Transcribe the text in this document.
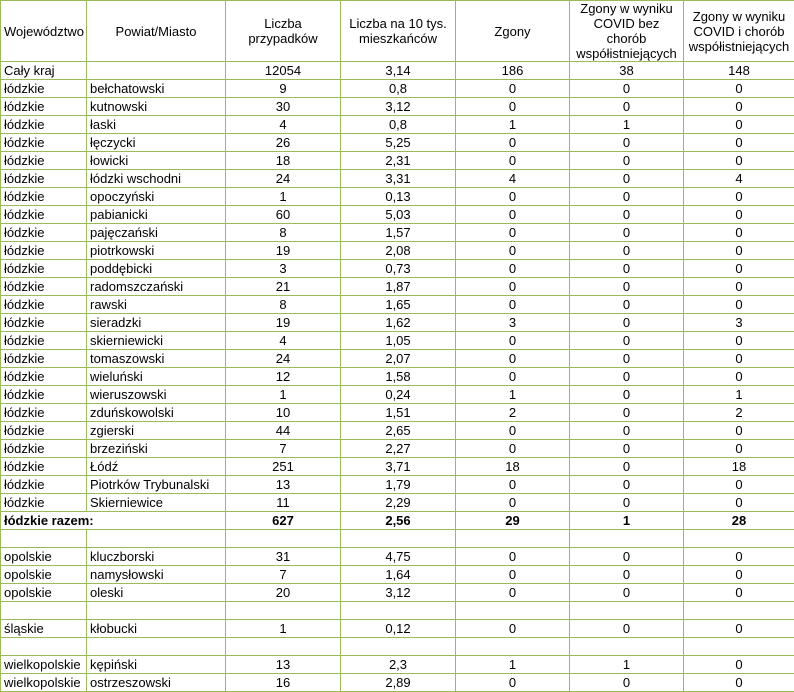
Województwo	Powiat/Miasto	Liczba przypadków	Liczba na 10 tys. mieszkańców	Zgony	Zgony w wyniku COVID bez chorób współistniejących	Zgony w wyniku COVID i chorób współistniejących
Cały kraj		12054	3,14	186	38	148
łódzkie	bełchatowski	9	0,8	0	0	0
łódzkie	kutnowski	30	3,12	0	0	0
łódzkie	łaski	4	0,8	1	1	0
łódzkie	łęczycki	26	5,25	0	0	0
łódzkie	łowicki	18	2,31	0	0	0
łódzkie	łódzki wschodni	24	3,31	4	0	4
łódzkie	opoczyński	1	0,13	0	0	0
łódzkie	pabianicki	60	5,03	0	0	0
łódzkie	pajęczański	8	1,57	0	0	0
łódzkie	piotrkowski	19	2,08	0	0	0
łódzkie	poddębicki	3	0,73	0	0	0
łódzkie	radomszczański	21	1,87	0	0	0
łódzkie	rawski	8	1,65	0	0	0
łódzkie	sieradzki	19	1,62	3	0	3
łódzkie	skierniewicki	4	1,05	0	0	0
łódzkie	tomaszowski	24	2,07	0	0	0
łódzkie	wieluński	12	1,58	0	0	0
łódzkie	wieruszowski	1	0,24	1	0	1
łódzkie	zduńskowolski	10	1,51	2	0	2
łódzkie	zgierski	44	2,65	0	0	0
łódzkie	brzeziński	7	2,27	0	0	0
łódzkie	Łódź	251	3,71	18	0	18
łódzkie	Piotrków Trybunalski	13	1,79	0	0	0
łódzkie	Skierniewice	11	2,29	0	0	0
łódzkie razem:		627	2,56	29	1	28

opolskie	kluczborski	31	4,75	0	0	0
opolskie	namysłowski	7	1,64	0	0	0
opolskie	oleski	20	3,12	0	0	0

śląskie	kłobucki	1	0,12	0	0	0

wielkopolskie	kępiński	13	2,3	1	1	0
wielkopolskie	ostrzeszowski	16	2,89	0	0	0
